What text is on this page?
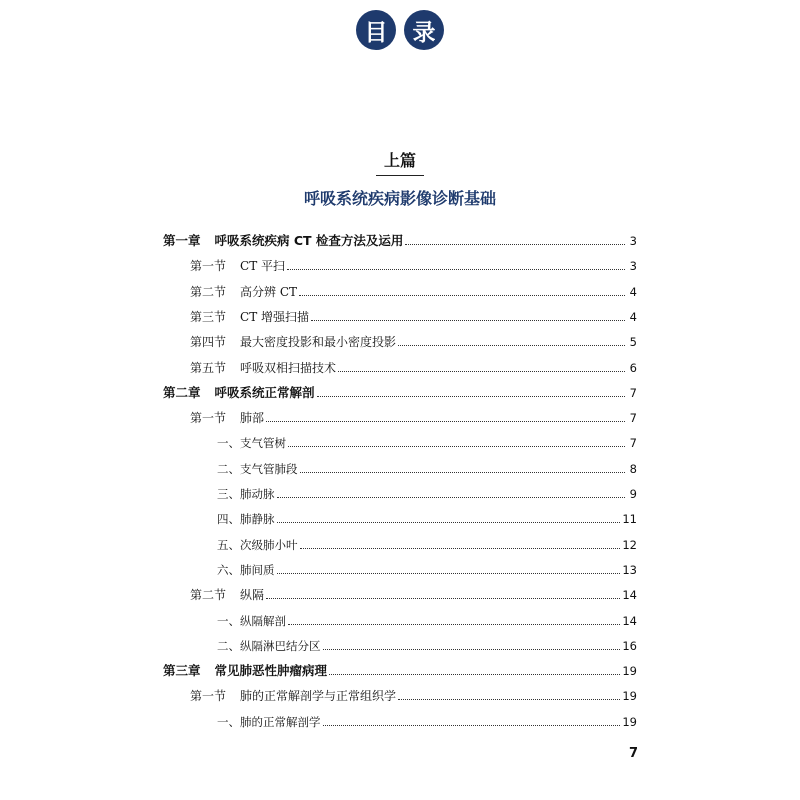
目	录
上篇
呼吸系统疾病影像诊断基础
第一章 呼吸系统疾病 CT 检查方法及运用	3
第一节 CT 平扫	3
第二节 高分辨 CT	4
第三节 CT 增强扫描	4
第四节 最大密度投影和最小密度投影	5
第五节 呼吸双相扫描技术	6
第二章 呼吸系统正常解剖	7
第一节 肺部	7
一、 支气管树	7
二、 支气管肺段	8
三、 肺动脉	9
四、 肺静脉	11
五、 次级肺小叶	12
六、 肺间质	13
第二节 纵隔	14
一、 纵隔解剖	14
二、 纵隔淋巴结分区	16
第三章 常见肺恶性肿瘤病理	19
第一节 肺的正常解剖学与正常组织学	19
一、 肺的正常解剖学	19
7
